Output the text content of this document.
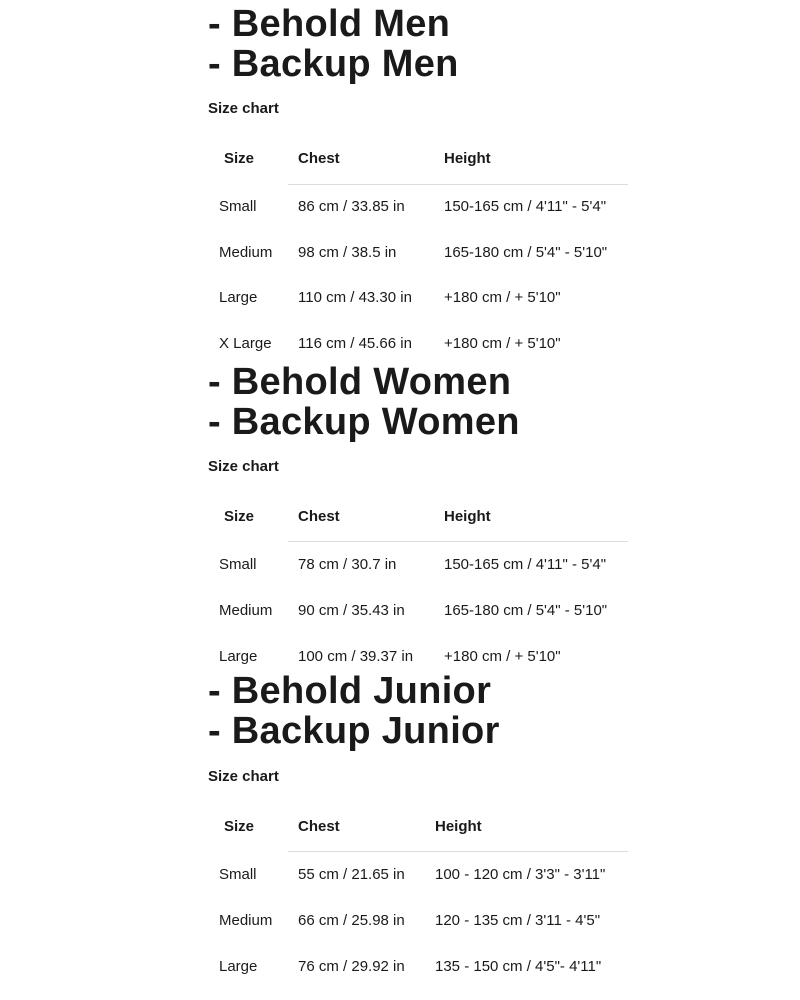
- Behold Men
- Backup Men
Size chart
Size	Chest	Height
Small	86 cm / 33.85 in	150-165 cm / 4'11" - 5'4"
Medium 98 cm / 38.5 in	165-180 cm / 5'4" - 5'10"
Large	110 cm / 43.30 in +180 cm / + 5'10"
X Large 116 cm / 45.66 in +180 cm / + 5'10"
- Behold Women
- Backup Women
Size chart
Size	Chest	Height
Small	78 cm / 30.7 in	150-165 cm / 4'11" - 5'4"
Medium 90 cm / 35.43 in	165-180 cm / 5'4" - 5'10"
Large	100 cm / 39.37 in +180 cm / + 5'10"
- Behold Junior
- Backup Junior
Size chart
Size	Chest	Height
Small	55 cm / 21.65 in 100 - 120 cm / 3'3" - 3'11"
Medium 66 cm / 25.98 in 120 - 135 cm / 3'11 - 4'5"
Large	76 cm / 29.92 in 135 - 150 cm / 4'5"- 4'11"
